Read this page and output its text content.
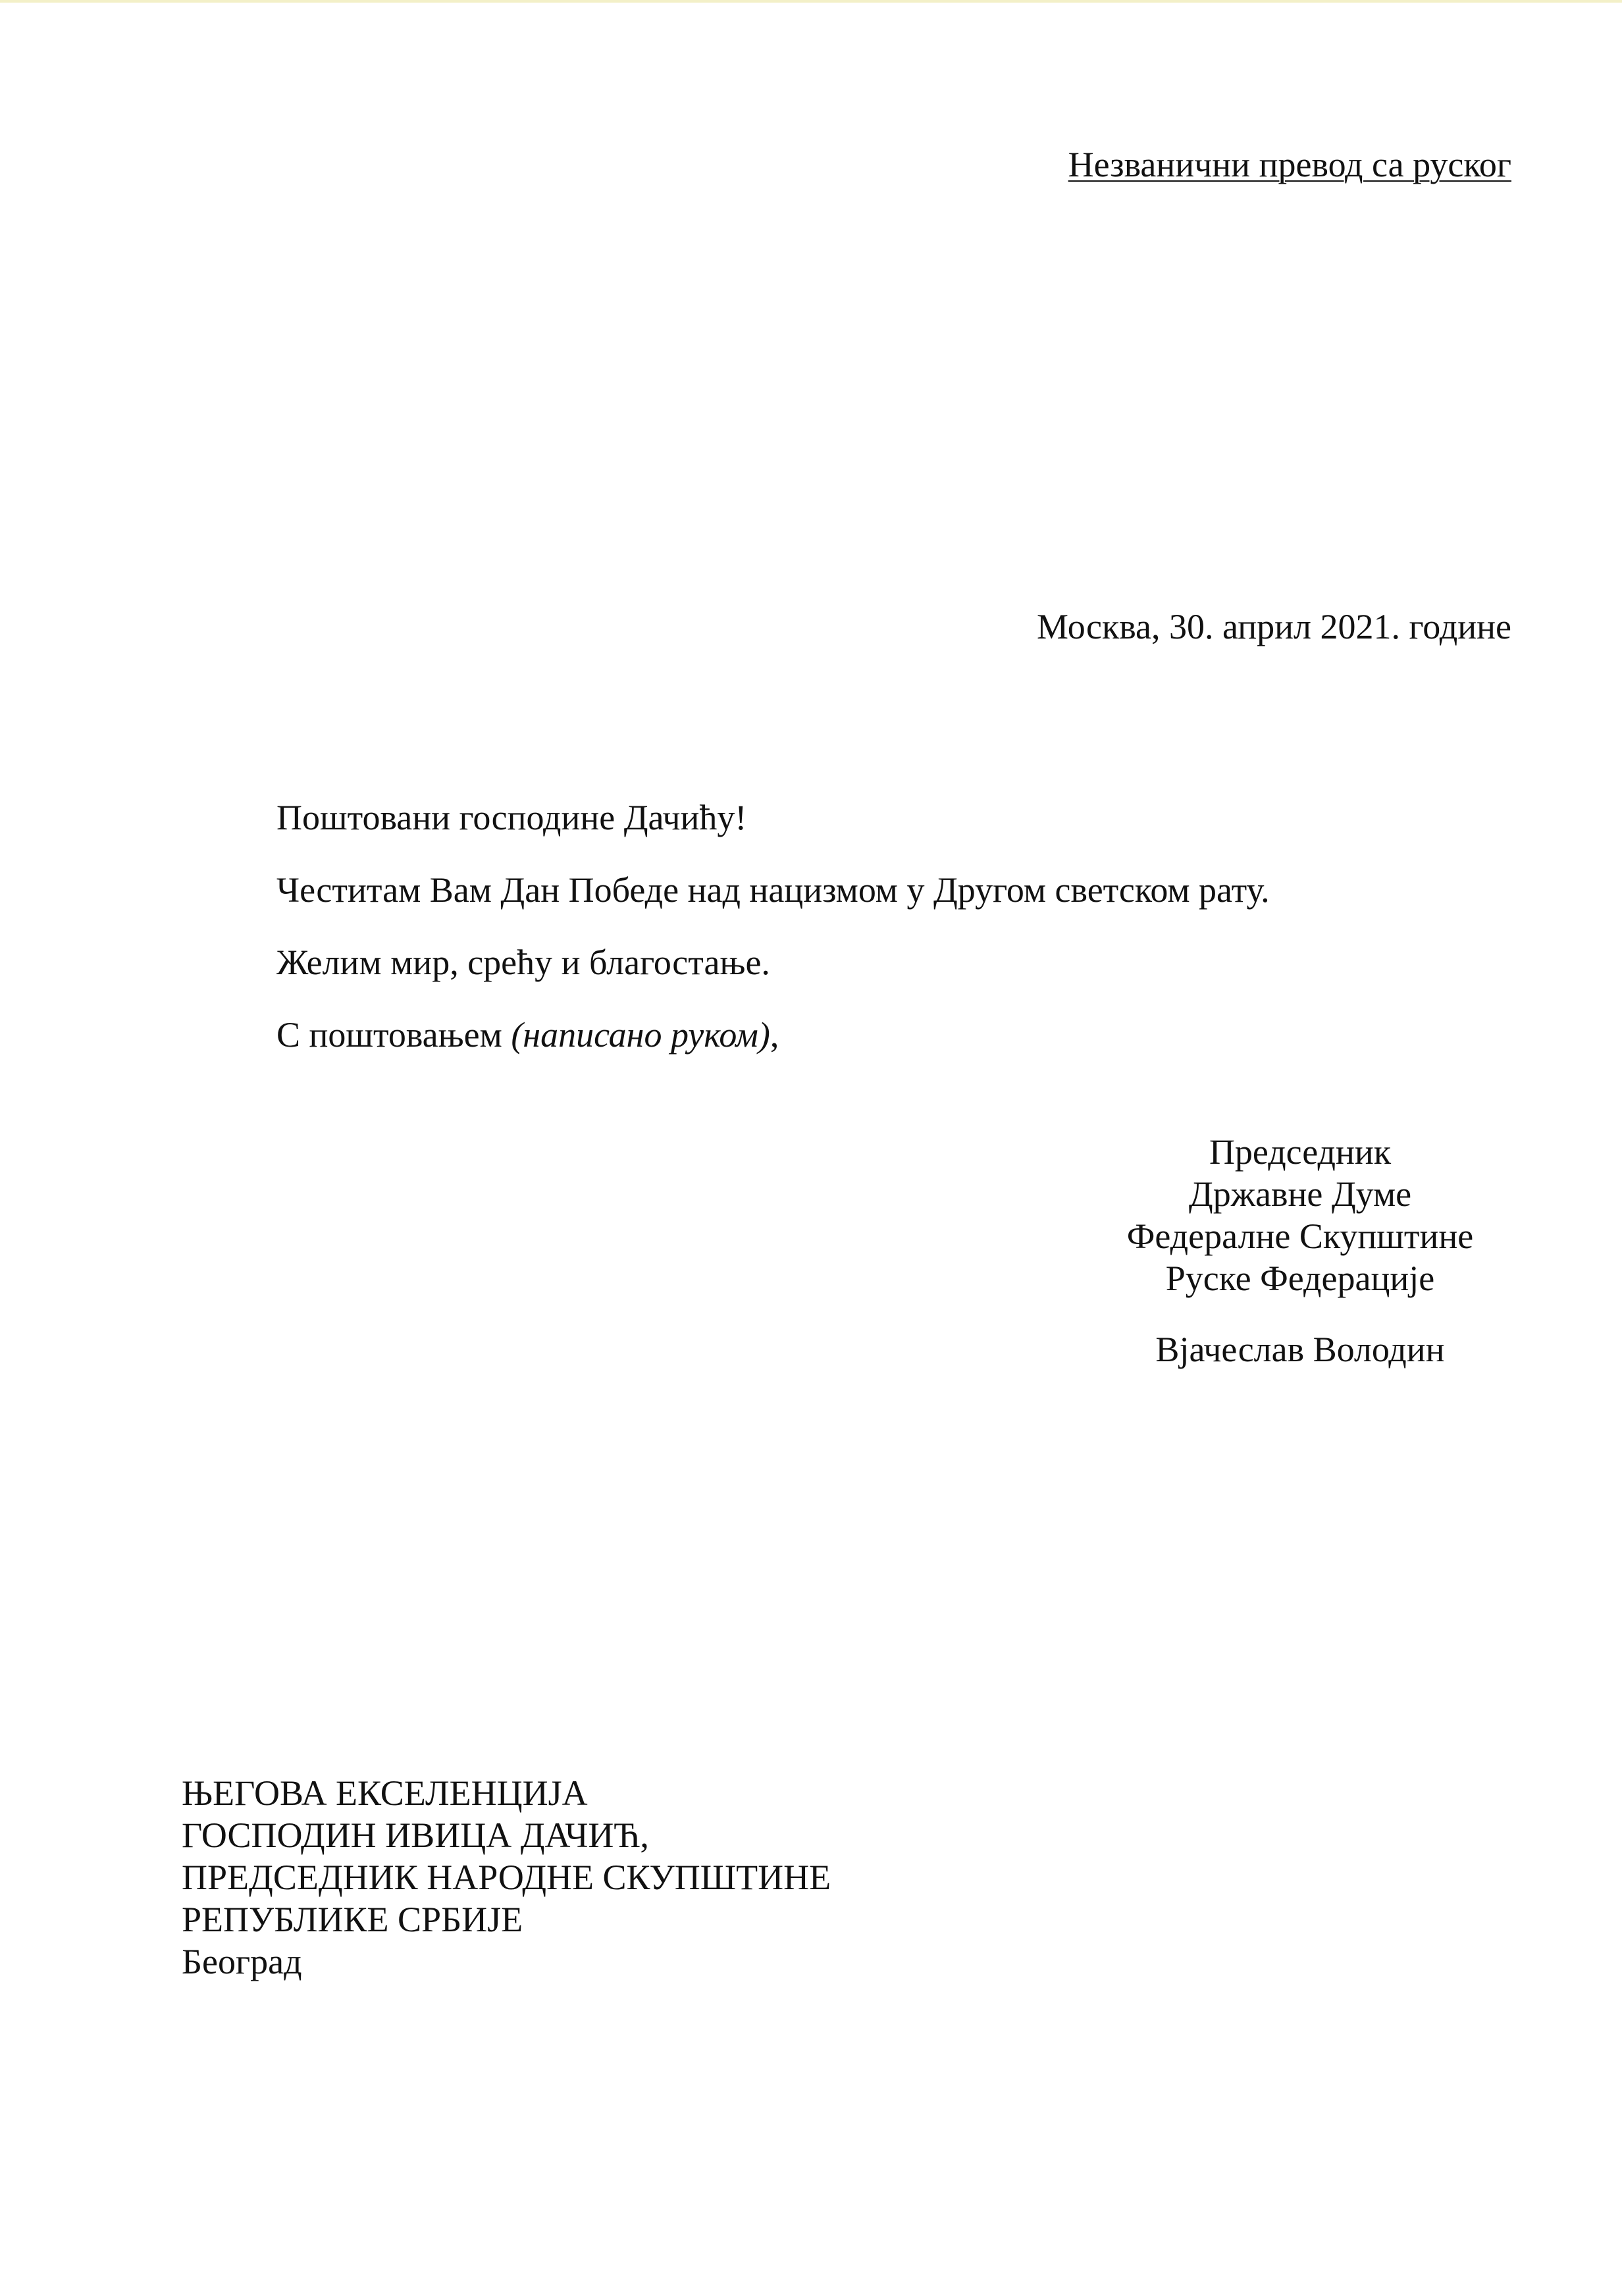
Незванични превод са руског
Москва, 30. април 2021. године
Поштовани господине Дачићу!
Честитам Вам Дан Победе над нацизмом у Другом светском рату.
Желим мир, срећу и благостање.
С поштовањем (написано руком),
Председник
Државне Думе
Федералне Скупштине
Руске Федерације
Вјачеслав Володин
ЊЕГОВА ЕКСЕЛЕНЦИЈА
ГОСПОДИН ИВИЦА ДАЧИЋ,
ПРЕДСЕДНИК НАРОДНЕ СКУПШТИНЕ
РЕПУБЛИКЕ СРБИЈЕ
Београд
